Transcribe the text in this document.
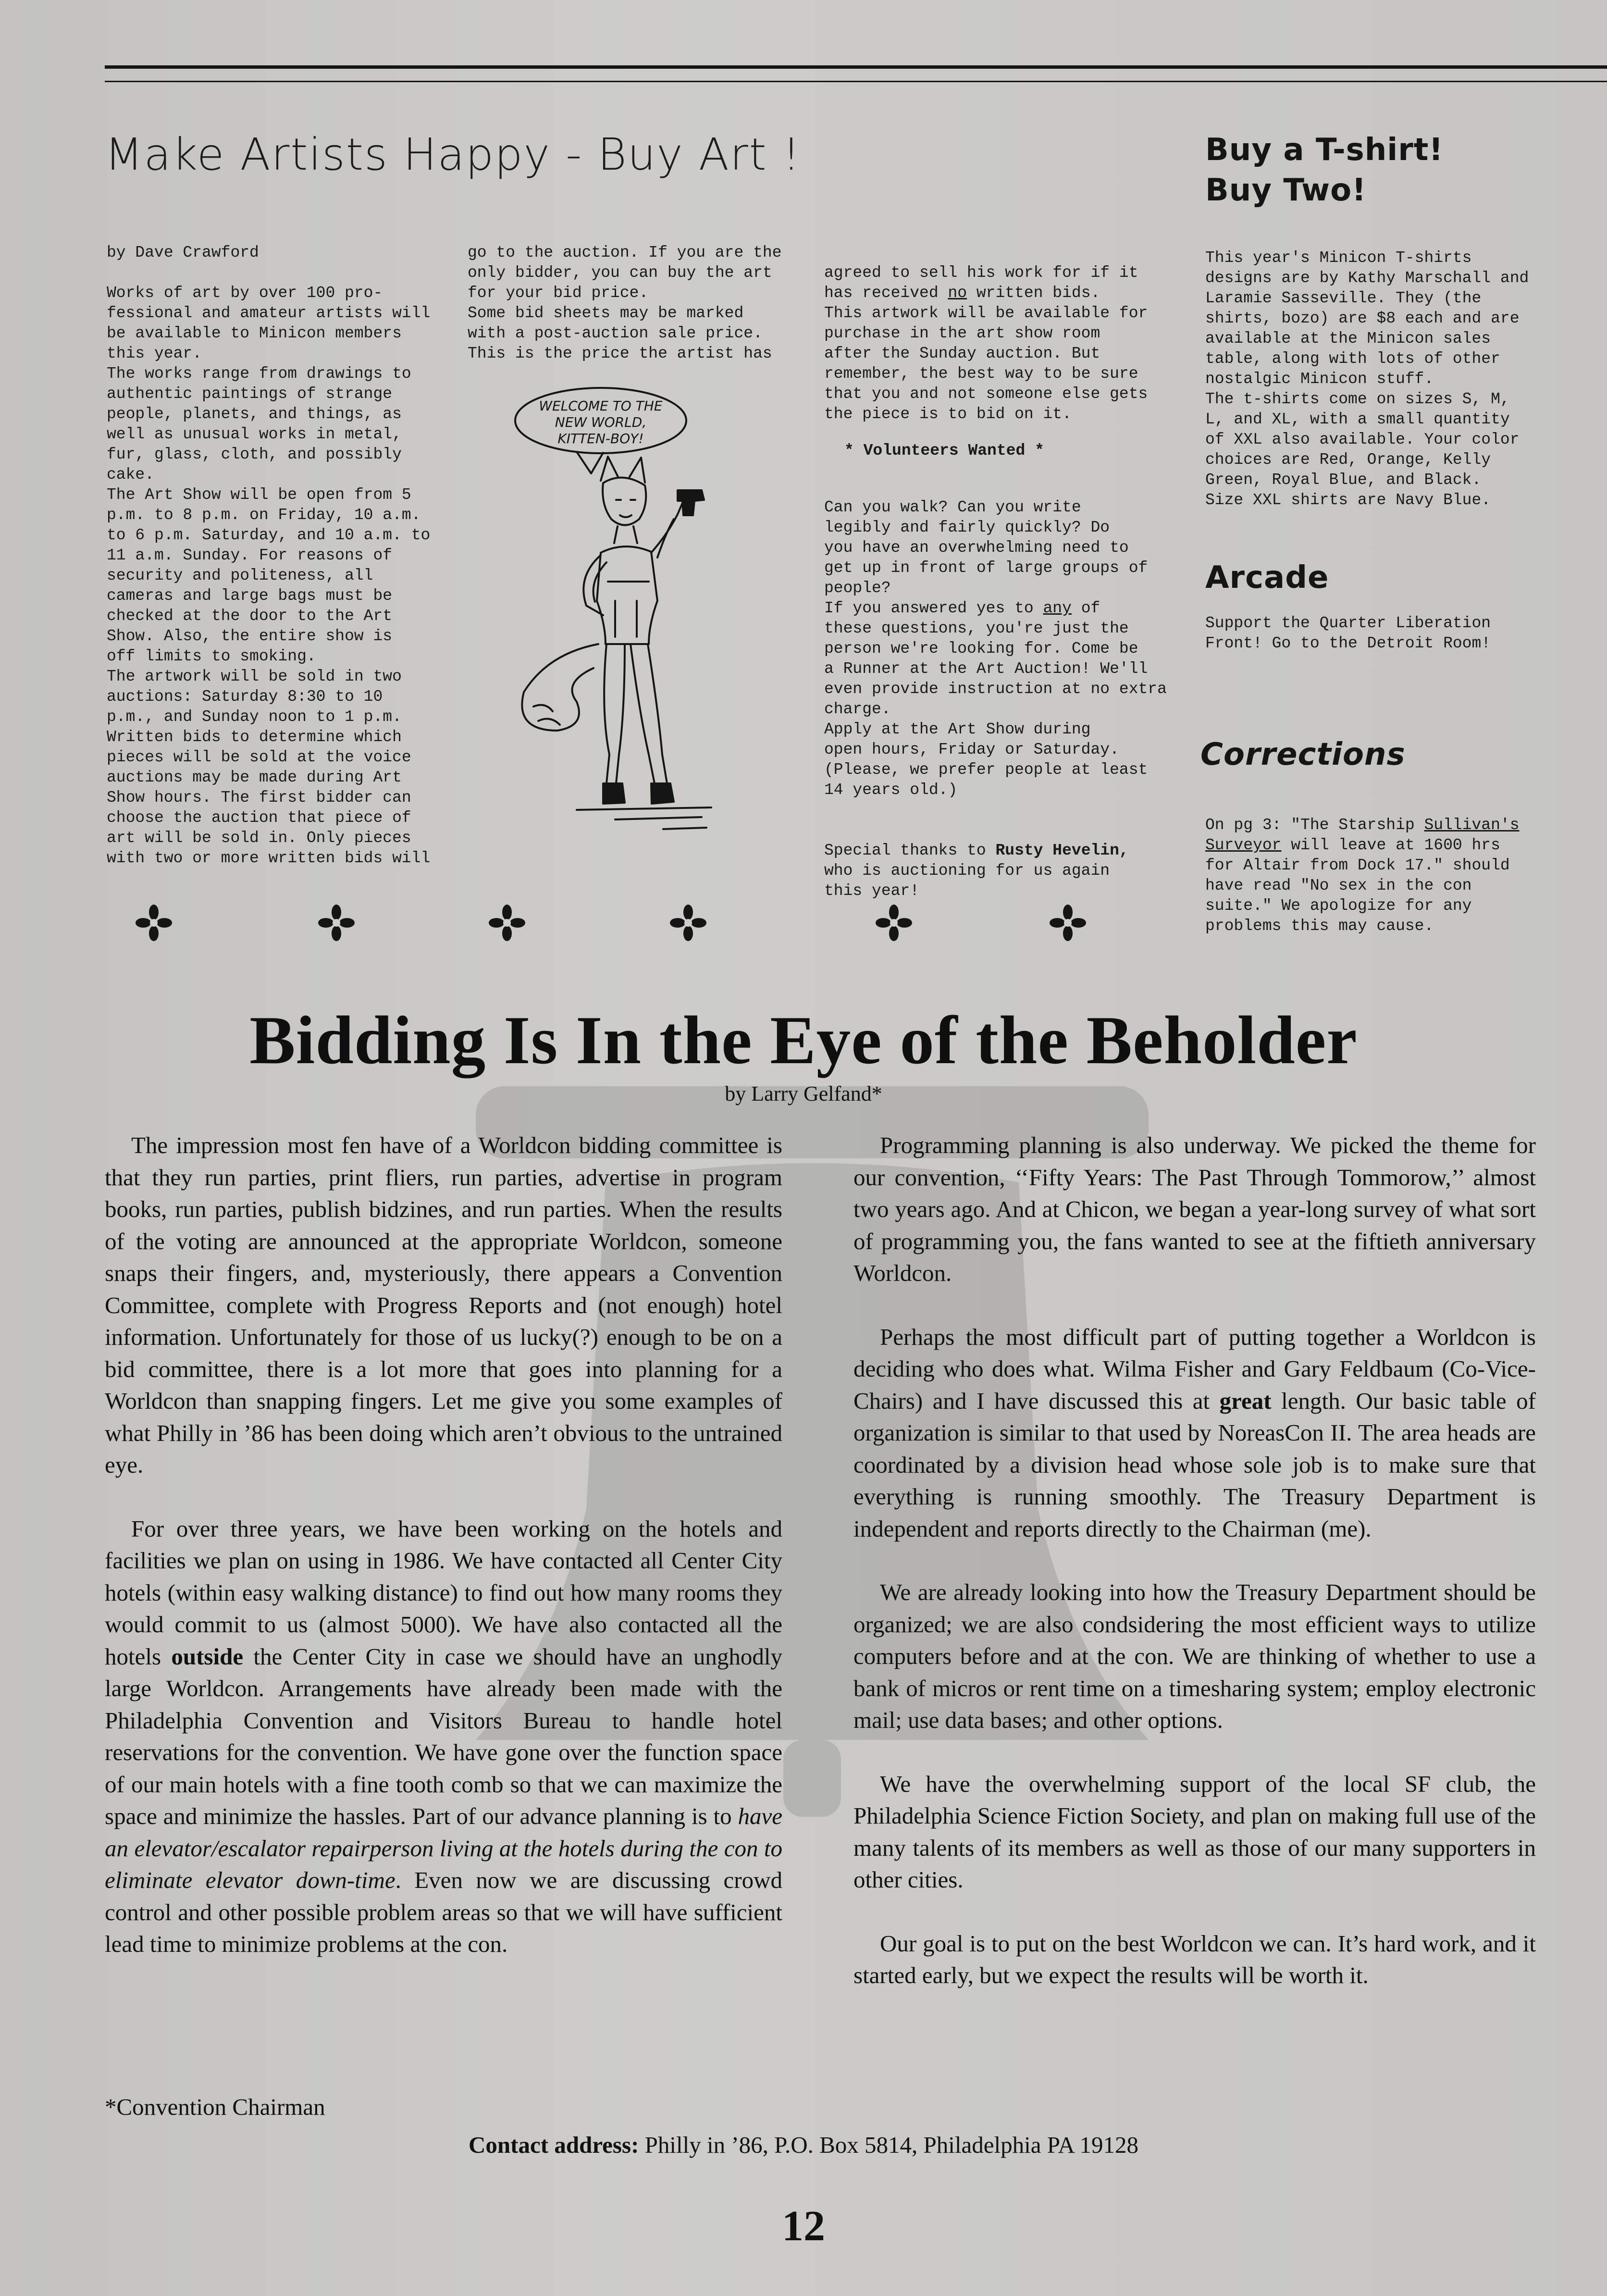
Make Artists Happy - Buy Art !
by Dave Crawford

Works of art by over 100 pro-
fessional and amateur artists will
be available to Minicon members
this year.
The works range from drawings to
authentic paintings of strange
people, planets, and things, as
well as unusual works in metal,
fur, glass, cloth, and possibly cake.
The Art Show will be open from 5
p.m. to 8 p.m. on Friday, 10 a.m.
to 6 p.m. Saturday, and 10 a.m. to
11 a.m. Sunday. For reasons of
security and politeness, all
cameras and large bags must be
checked at the door to the Art
Show. Also, the entire show is
off limits to smoking.
The artwork will be sold in two
auctions: Saturday 8:30 to 10
p.m., and Sunday noon to 1 p.m.
Written bids to determine which
pieces will be sold at the voice
auctions may be made during Art
Show hours. The first bidder can
choose the auction that piece of
art will be sold in. Only pieces
with two or more written bids will
go to the auction. If you are the
only bidder, you can buy the art
for your bid price.
Some bid sheets may be marked
with a post-auction sale price.
This is the price the artist has
WELCOME TO THE NEW WORLD, KITTEN-BOY!

agreed to sell his work for if it
has received no written bids.
This artwork will be available for
purchase in the art show room
after the Sunday auction. But
remember, the best way to be sure
that you and not someone else gets
the piece is to bid on it.

* Volunteers Wanted *

Can you walk? Can you write
legibly and fairly quickly? Do
you have an overwhelming need to
get up in front of large groups of
people?
If you answered yes to any of
these questions, you're just the
person we're looking for. Come be
a Runner at the Art Auction! We'll
even provide instruction at no extra
charge.
Apply at the Art Show during
open hours, Friday or Saturday.
(Please, we prefer people at least
14 years old.)

Special thanks to Rusty Hevelin,
who is auctioning for us again
this year!

Buy a T-shirt!
Buy Two!
This year's Minicon T-shirts
designs are by Kathy Marschall and
Laramie Sasseville. They (the
shirts, bozo) are $8 each and are
available at the Minicon sales
table, along with lots of other
nostalgic Minicon stuff.
The t-shirts come on sizes S, M,
L, and XL, with a small quantity
of XXL also available. Your color
choices are Red, Orange, Kelly
Green, Royal Blue, and Black.
Size XXL shirts are Navy Blue.
Arcade
Support the Quarter Liberation
Front! Go to the Detroit Room!
Corrections

On pg 3: "The Starship Sullivan's
Surveyor will leave at 1600 hrs
for Altair from Dock 17." should
have read "No sex in the con
suite." We apologize for any
problems this may cause.

Bidding Is In the Eye of the Beholder
by Larry Gelfand*

The impression most fen have of a Worldcon bidding committee is that they run parties, print fliers, run parties, advertise in program books, run parties, publish bidzines, and run parties. When the results of the voting are announced at the appropriate Worldcon, someone snaps their fingers, and, mysteriously, there appears a Convention Committee, complete with Progress Reports and (not enough) hotel information. Unfortunately for those of us lucky(?) enough to be on a bid committee, there is a lot more that goes into planning for a Worldcon than snapping fingers. Let me give you some examples of what Philly in ’86 has been doing which aren’t obvious to the untrained eye.

For over three years, we have been working on the hotels and facilities we plan on using in 1986. We have contacted all Center City hotels (within easy walking distance) to find out how many rooms they would commit to us (almost 5000). We have also contacted all the hotels outside the Center City in case we should have an unghodly large Worldcon. Arrangements have already been made with the Philadelphia Convention and Visitors Bureau to handle hotel reservations for the convention. We have gone over the function space of our main hotels with a fine tooth comb so that we can maximize the space and minimize the hassles. Part of our advance planning is to have an elevator/escalator repairperson living at the hotels during the con to eliminate elevator down-time. Even now we are discussing crowd control and other possible problem areas so that we will have sufficient lead time to minimize problems at the con.

Programming planning is also underway. We picked the theme for our convention, ‘‘Fifty Years: The Past Through Tommorow,’’ almost two years ago. And at Chicon, we began a year-long survey of what sort of programming you, the fans wanted to see at the fiftieth anniversary Worldcon.

Perhaps the most difficult part of putting together a Worldcon is deciding who does what. Wilma Fisher and Gary Feldbaum (Co-Vice-Chairs) and I have discussed this at great length. Our basic table of organization is similar to that used by NoreasCon II. The area heads are coordinated by a division head whose sole job is to make sure that everything is running smoothly. The Treasury Department is independent and reports directly to the Chairman (me).

We are already looking into how the Treasury Department should be organized; we are also condsidering the most efficient ways to utilize computers before and at the con. We are thinking of whether to use a bank of micros or rent time on a timesharing system; employ electronic mail; use data bases; and other options.

We have the overwhelming support of the local SF club, the Philadelphia Science Fiction Society, and plan on making full use of the many talents of its members as well as those of our many supporters in other cities.

Our goal is to put on the best Worldcon we can. It’s hard work, and it started early, but we expect the results will be worth it.

*Convention Chairman
Contact address: Philly in ’86, P.O. Box 5814, Philadelphia PA 19128
12
